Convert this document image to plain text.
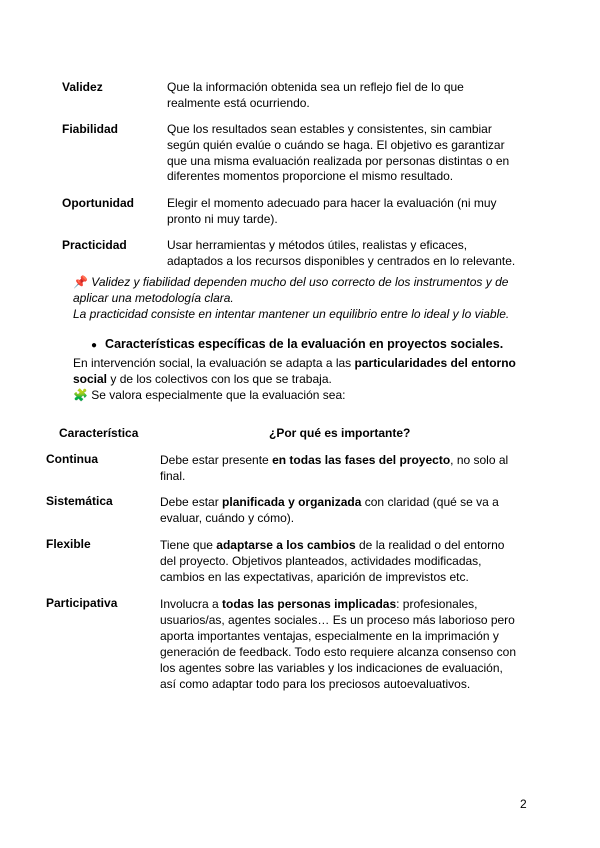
Validez	Que la información obtenida sea un reflejo fiel de lo que
realmente está ocurriendo.
Fiabilidad	Que los resultados sean estables y consistentes, sin cambiar
según quién evalúe o cuándo se haga. El objetivo es garantizar
que una misma evaluación realizada por personas distintas o en
diferentes momentos proporcione el mismo resultado.
Oportunidad	Elegir el momento adecuado para hacer la evaluación (ni muy
pronto ni muy tarde).
Practicidad	Usar herramientas y métodos útiles, realistas y eficaces,
adaptados a los recursos disponibles y centrados en lo relevante.
📌 Validez y fiabilidad dependen mucho del uso correcto de los instrumentos y de
aplicar una metodología clara.
La practicidad consiste en intentar mantener un equilibrio entre lo ideal y lo viable.
● Características específicas de la evaluación en proyectos sociales.
En intervención social, la evaluación se adapta a las particularidades del entorno
social y de los colectivos con los que se trabaja.
🧩 Se valora especialmente que la evaluación sea:
Característica	¿Por qué es importante?
Continua	Debe estar presente en todas las fases del proyecto, no solo al
final.
Sistemática	Debe estar planificada y organizada con claridad (qué se va a
evaluar, cuándo y cómo).
Flexible	Tiene que adaptarse a los cambios de la realidad o del entorno
del proyecto. Objetivos planteados, actividades modificadas,
cambios en las expectativas, aparición de imprevistos etc.
Participativa	Involucra a todas las personas implicadas: profesionales,
usuarios/as, agentes sociales… Es un proceso más laborioso pero
aporta importantes ventajas, especialmente en la imprimación y
generación de feedback. Todo esto requiere alcanza consenso con
los agentes sobre las variables y los indicaciones de evaluación,
así como adaptar todo para los preciosos autoevaluativos.
2
